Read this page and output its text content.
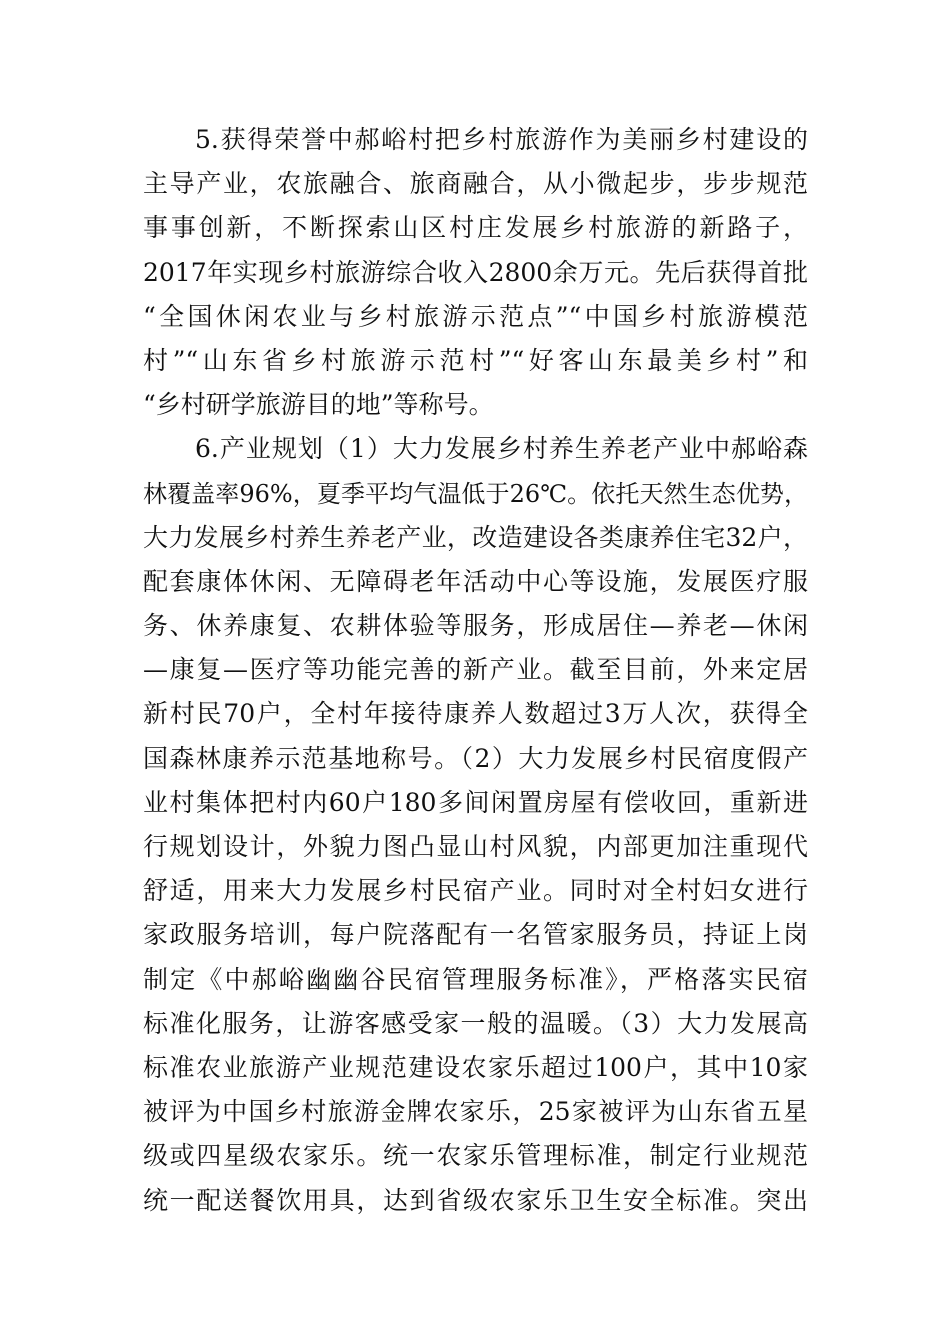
5.获得荣誉中郝峪村把乡村旅游作为美丽乡村建设的
主导产业，农旅融合、旅商融合，从小微起步，步步规范
事事创新，不断探索山区村庄发展乡村旅游的新路子，
2017年实现乡村旅游综合收入2800余万元。先后获得首批
“全国休闲农业与乡村旅游示范点”“中国乡村旅游模范
村”“山东省乡村旅游示范村”“好客山东最美乡村”和
“乡村研学旅游目的地”等称号。
6.产业规划（1）大力发展乡村养生养老产业中郝峪森
林覆盖率96%，夏季平均气温低于26℃。依托天然生态优势，
大力发展乡村养生养老产业，改造建设各类康养住宅32户，
配套康体休闲、无障碍老年活动中心等设施，发展医疗服
务、休养康复、农耕体验等服务，形成居住—养老—休闲
—康复—医疗等功能完善的新产业。截至目前，外来定居
新村民70户，全村年接待康养人数超过3万人次，获得全
国森林康养示范基地称号。（2）大力发展乡村民宿度假产
业村集体把村内60户180多间闲置房屋有偿收回，重新进
行规划设计，外貌力图凸显山村风貌，内部更加注重现代
舒适，用来大力发展乡村民宿产业。同时对全村妇女进行
家政服务培训，每户院落配有一名管家服务员，持证上岗
制定《中郝峪幽幽谷民宿管理服务标准》，严格落实民宿
标准化服务，让游客感受家一般的温暖。（3）大力发展高
标准农业旅游产业规范建设农家乐超过100户，其中10家
被评为中国乡村旅游金牌农家乐，25家被评为山东省五星
级或四星级农家乐。统一农家乐管理标准，制定行业规范
统一配送餐饮用具，达到省级农家乐卫生安全标准。突出
